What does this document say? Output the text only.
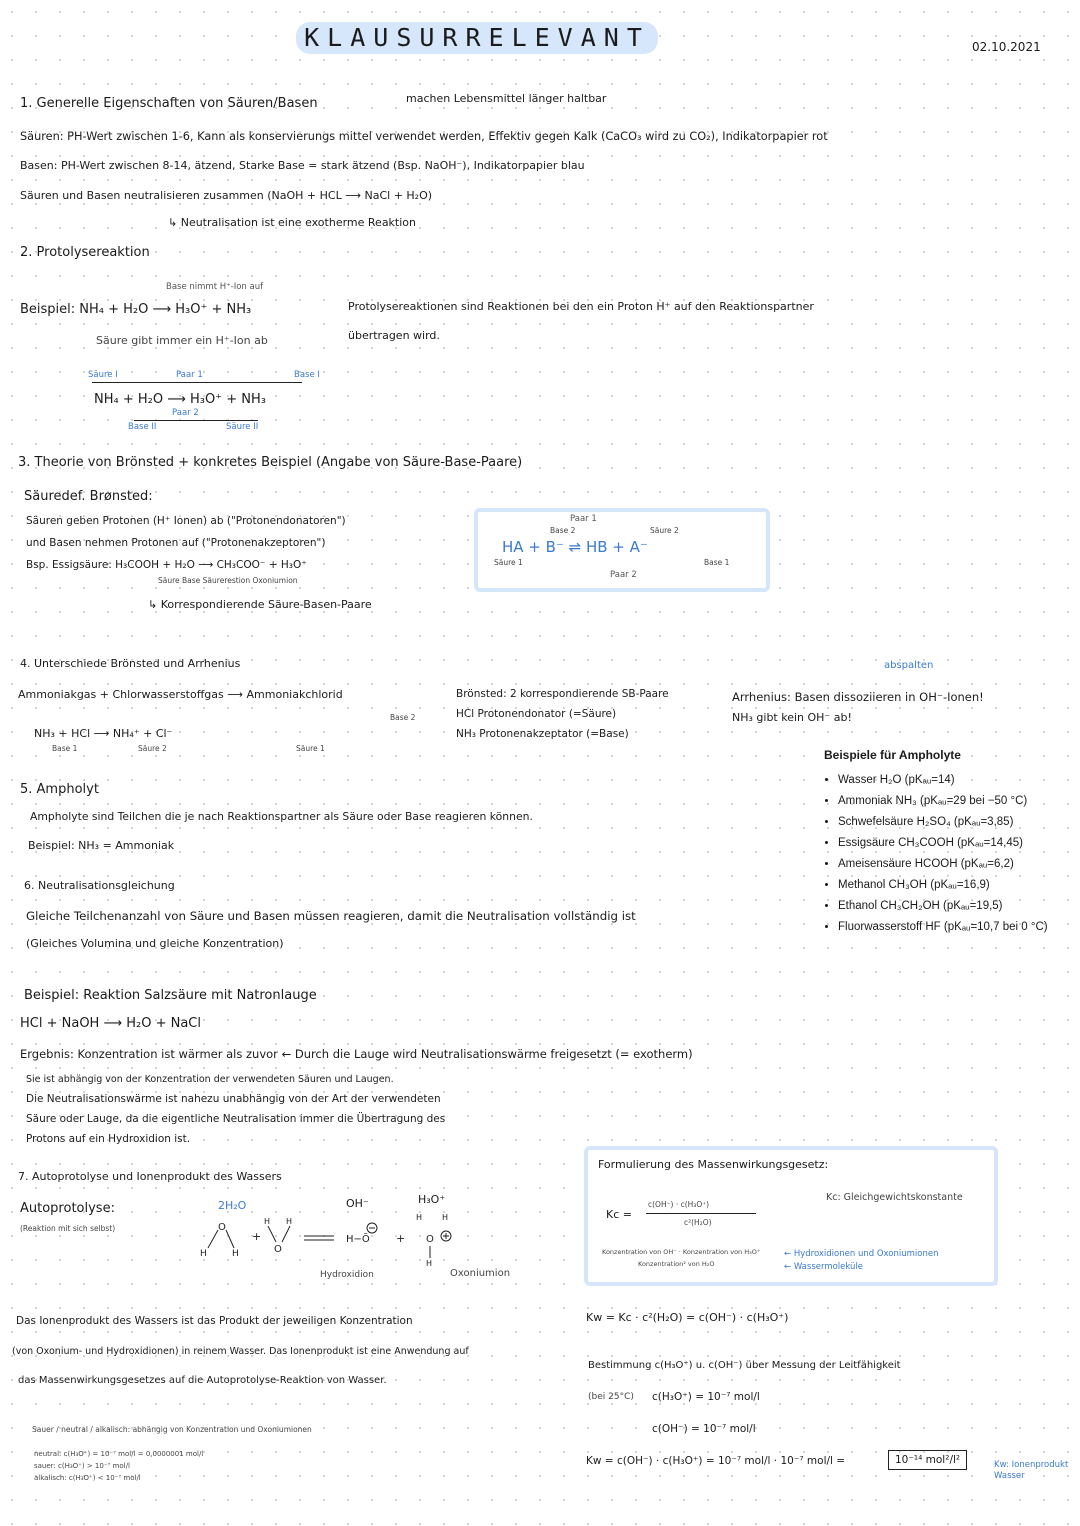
KLAUSURRELEVANT	02.10.2021
1. Generelle Eigenschaften von Säuren/Basen	machen Lebensmittel länger haltbar
Säuren: PH-Wert zwischen 1-6, Kann als konservierungs mittel verwendet werden, Effektiv gegen Kalk (CaCO₃ wird zu CO₂), Indikatorpapier rot
Basen: PH-Wert zwischen 8-14, ätzend, Starke Base = stark ätzend (Bsp. NaOH⁻), Indikatorpapier blau
Säuren und Basen neutralisieren zusammen (NaOH + HCL ⟶ NaCl + H₂O)
↳ Neutralisation ist eine exotherme Reaktion
2. Protolysereaktion
Base nimmt H⁺-Ion auf
Beispiel: NH₄ + H₂O ⟶ H₃O⁺ + NH₃
Säure gibt immer ein H⁺-Ion ab
Protolysereaktionen sind Reaktionen bei den ein Proton H⁺ auf den Reaktionspartner
übertragen wird.
Säure I	Paar 1	Base I
NH₄ + H₂O ⟶ H₃O⁺ + NH₃
Paar 2
Base II	Säure II
3. Theorie von Brönsted + konkretes Beispiel (Angabe von Säure-Base-Paare)
Säuredef. Brønsted:
Säuren geben Protonen (H⁺ Ionen) ab ("Protonendonatoren")
und Basen nehmen Protonen auf ("Protonenakzeptoren")
Bsp. Essigsäure: H₃COOH + H₂O ⟶ CH₃COO⁻ + H₃O⁺
Säure Base Säurerestion Oxoniumion
↳ Korrespondierende Säure-Basen-Paare
Paar 1
Base 2	Säure 2
HA + B⁻ ⇌ HB + A⁻
Säure 1	Base 1
Paar 2
4. Unterschiede Brönsted und Arrhenius
Ammoniakgas + Chlorwasserstoffgas ⟶ Ammoniakchlorid
NH₃ + HCl ⟶ NH₄⁺ + Cl⁻
Base 1	Säure 2	Säure 1
Base 2
Brönsted: 2 korrespondierende SB-Paare
HCl Protonendonator (=Säure)
NH₃ Protonenakzeptator (=Base)
abspalten
Arrhenius: Basen dissoziieren in OH⁻-Ionen!
NH₃ gibt kein OH⁻ ab!
Beispiele für Ampholyte
• Wasser H₂O (pKₐᵤ=14)
• Ammoniak NH₃ (pKₐᵤ=29 bei −50 °C)
• Schwefelsäure H₂SO₄ (pKₐᵤ=3,85)
• Essigsäure CH₃COOH (pKₐᵤ=14,45)
• Ameisensäure HCOOH (pKₐᵤ=6,2)
• Methanol CH₃OH (pKₐᵤ=16,9)
• Ethanol CH₃CH₂OH (pKₐᵤ=19,5)
• Fluorwasserstoff HF (pKₐᵤ=10,7 bei 0 °C)
5. Ampholyt
Ampholyte sind Teilchen die je nach Reaktionspartner als Säure oder Base reagieren können.
Beispiel: NH₃ = Ammoniak
6. Neutralisationsgleichung
Gleiche Teilchenanzahl von Säure und Basen müssen reagieren, damit die Neutralisation vollständig ist
(Gleiches Volumina und gleiche Konzentration)
Beispiel: Reaktion Salzsäure mit Natronlauge
HCl + NaOH ⟶ H₂O + NaCl
Ergebnis: Konzentration ist wärmer als zuvor ← Durch die Lauge wird Neutralisationswärme freigesetzt (= exotherm)
Sie ist abhängig von der Konzentration der verwendeten Säuren und Laugen.
Die Neutralisationswärme ist nahezu unabhängig von der Art der verwendeten
Säure oder Lauge, da die eigentliche Neutralisation immer die Übertragung des
Protons auf ein Hydroxidion ist.
7. Autoprotolyse und Ionenprodukt des Wassers
Autoprotolyse:
(Reaktion mit sich selbst)
2H₂O	OH⁻	H₃O⁺
H
O
H
+
H H
O
H−Ō +
H H
O
H
Hydroxidion	Oxoniumion
Das Ionenprodukt des Wassers ist das Produkt der jeweiligen Konzentration
(von Oxonium- und Hydroxidionen) in reinem Wasser. Das Ionenprodukt ist eine Anwendung auf
das Massenwirkungsgesetzes auf die Autoprotolyse-Reaktion von Wasser.
Sauer / neutral / alkalisch: abhängig von Konzentration und Oxoniumionen
neutral: c(H₃O⁺) = 10⁻⁷ mol/l = 0,0000001 mol/l
sauer: c(H₃O⁺) > 10⁻⁷ mol/l
alkalisch: c(H₃O⁺) < 10⁻⁷ mol/l
Formulierung des Massenwirkungsgesetz:
Kc: Gleichgewichtskonstante
Kc =
c(OH⁻) · c(H₃O⁺)
c²(H₂O)
Konzentration von OH⁻ · Konzentration von H₃O⁺
Konzentration² von H₂O
← Hydroxidionen und Oxoniumionen
← Wassermoleküle
Kw = Kc · c²(H₂O) = c(OH⁻) · c(H₃O⁺)
Bestimmung c(H₃O⁺) u. c(OH⁻) über Messung der Leitfähigkeit
(bei 25°C) c(H₃O⁺) = 10⁻⁷ mol/l
c(OH⁻) = 10⁻⁷ mol/l
Kw = c(OH⁻) · c(H₃O⁺) = 10⁻⁷ mol/l · 10⁻⁷ mol/l =	10⁻¹⁴ mol²/l²	Kw: Ionenprodukt Wasser
